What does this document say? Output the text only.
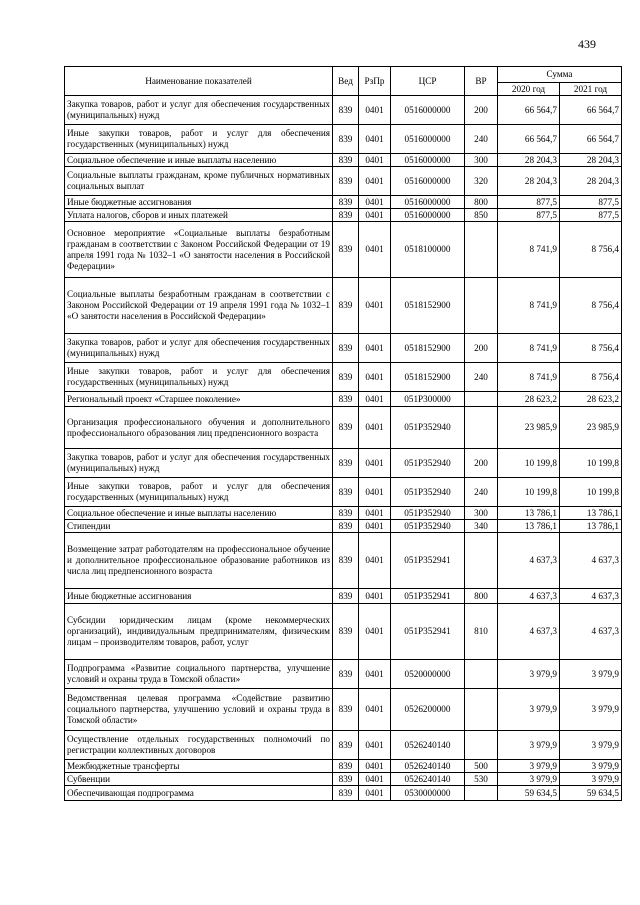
439
Наименование показателей	Вед	РзПр	ЦСР	ВР	Сумма	
					2020 год	2021 год
Закупка товаров, работ и услуг для обеспечения государственных (муниципальных) нужд	839	0401	0516000000	200	66 564,7	66 564,7
Иные закупки товаров, работ и услуг для обеспечения государственных (муниципальных) нужд	839	0401	0516000000	240	66 564,7	66 564,7
Социальное обеспечение и иные выплаты населению	839	0401	0516000000	300	28 204,3	28 204,3
Социальные выплаты гражданам, кроме публичных нормативных социальных выплат	839	0401	0516000000	320	28 204,3	28 204,3
Иные бюджетные ассигнования	839	0401	0516000000	800	877,5	877,5
Уплата налогов, сборов и иных платежей	839	0401	0516000000	850	877,5	877,5
Основное мероприятие «Социальные выплаты безработным гражданам в соответствии с Законом Российской Федерации от 19 апреля 1991 года № 1032–1 «О занятости населения в Российской Федерации»	839	0401	0518100000		8 741,9	8 756,4
Социальные выплаты безработным гражданам в соответствии с Законом Российской Федерации от 19 апреля 1991 года № 1032–1 «О занятости населения в Российской Федерации»	839	0401	0518152900		8 741,9	8 756,4
Закупка товаров, работ и услуг для обеспечения государственных (муниципальных) нужд	839	0401	0518152900	200	8 741,9	8 756,4
Иные закупки товаров, работ и услуг для обеспечения государственных (муниципальных) нужд	839	0401	0518152900	240	8 741,9	8 756,4
Региональный проект «Старшее поколение»	839	0401	051P300000		28 623,2	28 623,2
Организация профессионального обучения и дополнительного профессионального образования лиц предпенсионного возраста	839	0401	051P352940		23 985,9	23 985,9
Закупка товаров, работ и услуг для обеспечения государственных (муниципальных) нужд	839	0401	051P352940	200	10 199,8	10 199,8
Иные закупки товаров, работ и услуг для обеспечения государственных (муниципальных) нужд	839	0401	051P352940	240	10 199,8	10 199,8
Социальное обеспечение и иные выплаты населению	839	0401	051P352940	300	13 786,1	13 786,1
Стипендии	839	0401	051P352940	340	13 786,1	13 786,1
Возмещение затрат работодателям на профессиональное обучение и дополнительное профессиональное образование работников из числа лиц предпенсионного возраста	839	0401	051P352941		4 637,3	4 637,3
Иные бюджетные ассигнования	839	0401	051P352941	800	4 637,3	4 637,3
Субсидии юридическим лицам (кроме некоммерческих организаций), индивидуальным предпринимателям, физическим лицам – производителям товаров, работ, услуг	839	0401	051P352941	810	4 637,3	4 637,3
Подпрограмма «Развитие социального партнерства, улучшение условий и охраны труда в Томской области»	839	0401	0520000000		3 979,9	3 979,9
Ведомственная целевая программа «Содействие развитию социального партнерства, улучшению условий и охраны труда в Томской области»	839	0401	0526200000		3 979,9	3 979,9
Осуществление отдельных государственных полномочий по регистрации коллективных договоров	839	0401	0526240140		3 979,9	3 979,9
Межбюджетные трансферты	839	0401	0526240140	500	3 979,9	3 979,9
Субвенции	839	0401	0526240140	530	3 979,9	3 979,9
Обеспечивающая подпрограмма	839	0401	0530000000		59 634,5	59 634,5
